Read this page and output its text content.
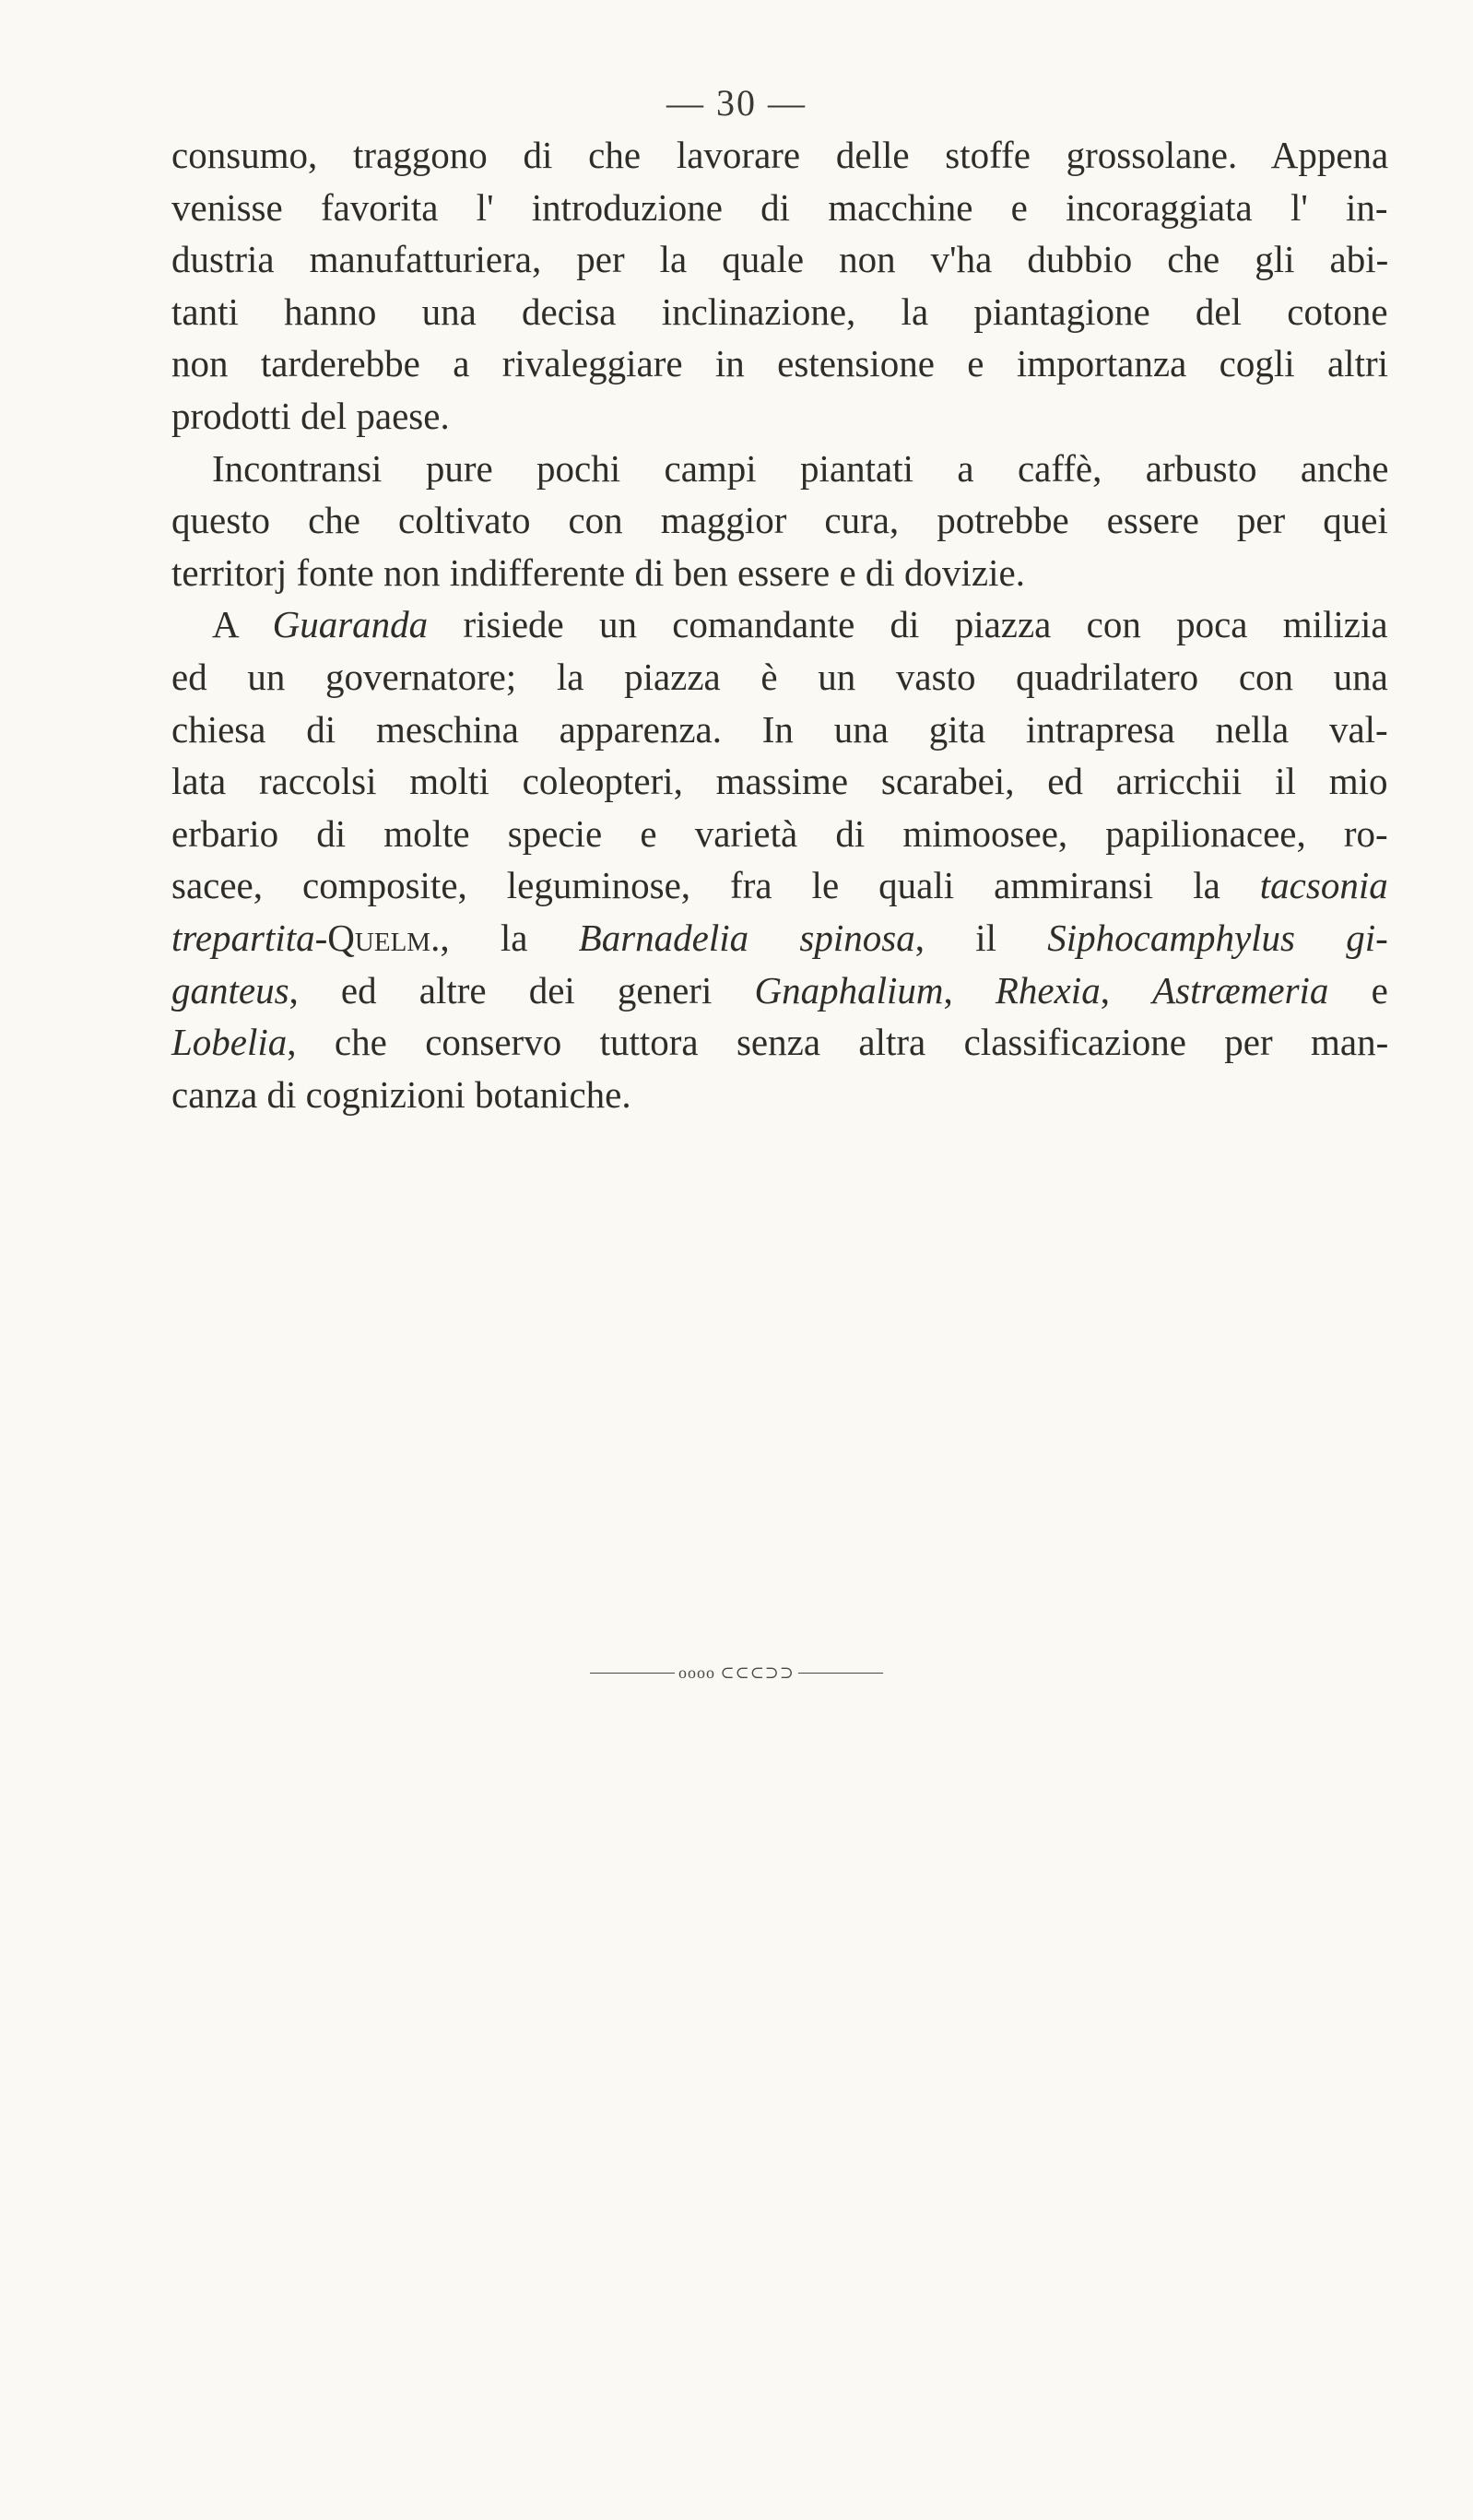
— 30 —
consumo, traggono di che lavorare delle stoffe grossolane. Appena
venisse favorita l' introduzione di macchine e incoraggiata l' in-
dustria manufatturiera, per la quale non v'ha dubbio che gli abi-
tanti hanno una decisa inclinazione, la piantagione del cotone
non tarderebbe a rivaleggiare in estensione e importanza cogli altri
prodotti del paese.
Incontransi pure pochi campi piantati a caffè, arbusto anche
questo che coltivato con maggior cura, potrebbe essere per quei
territorj fonte non indifferente di ben essere e di dovizie.
A Guaranda risiede un comandante di piazza con poca milizia
ed un governatore; la piazza è un vasto quadrilatero con una
chiesa di meschina apparenza. In una gita intrapresa nella val-
lata raccolsi molti coleopteri, massime scarabei, ed arricchii il mio
erbario di molte specie e varietà di mimoosee, papilionacee, ro-
sacee, composite, leguminose, fra le quali ammiransi la tacsonia
trepartita-Quelm., la Barnadelia spinosa, il Siphocamphylus gi-
ganteus, ed altre dei generi Gnaphalium, Rhexia, Astræmeria e
Lobelia, che conservo tuttora senza altra classificazione per man-
canza di cognizioni botaniche.
oooo ⊂⊂⊂⊃⊃
